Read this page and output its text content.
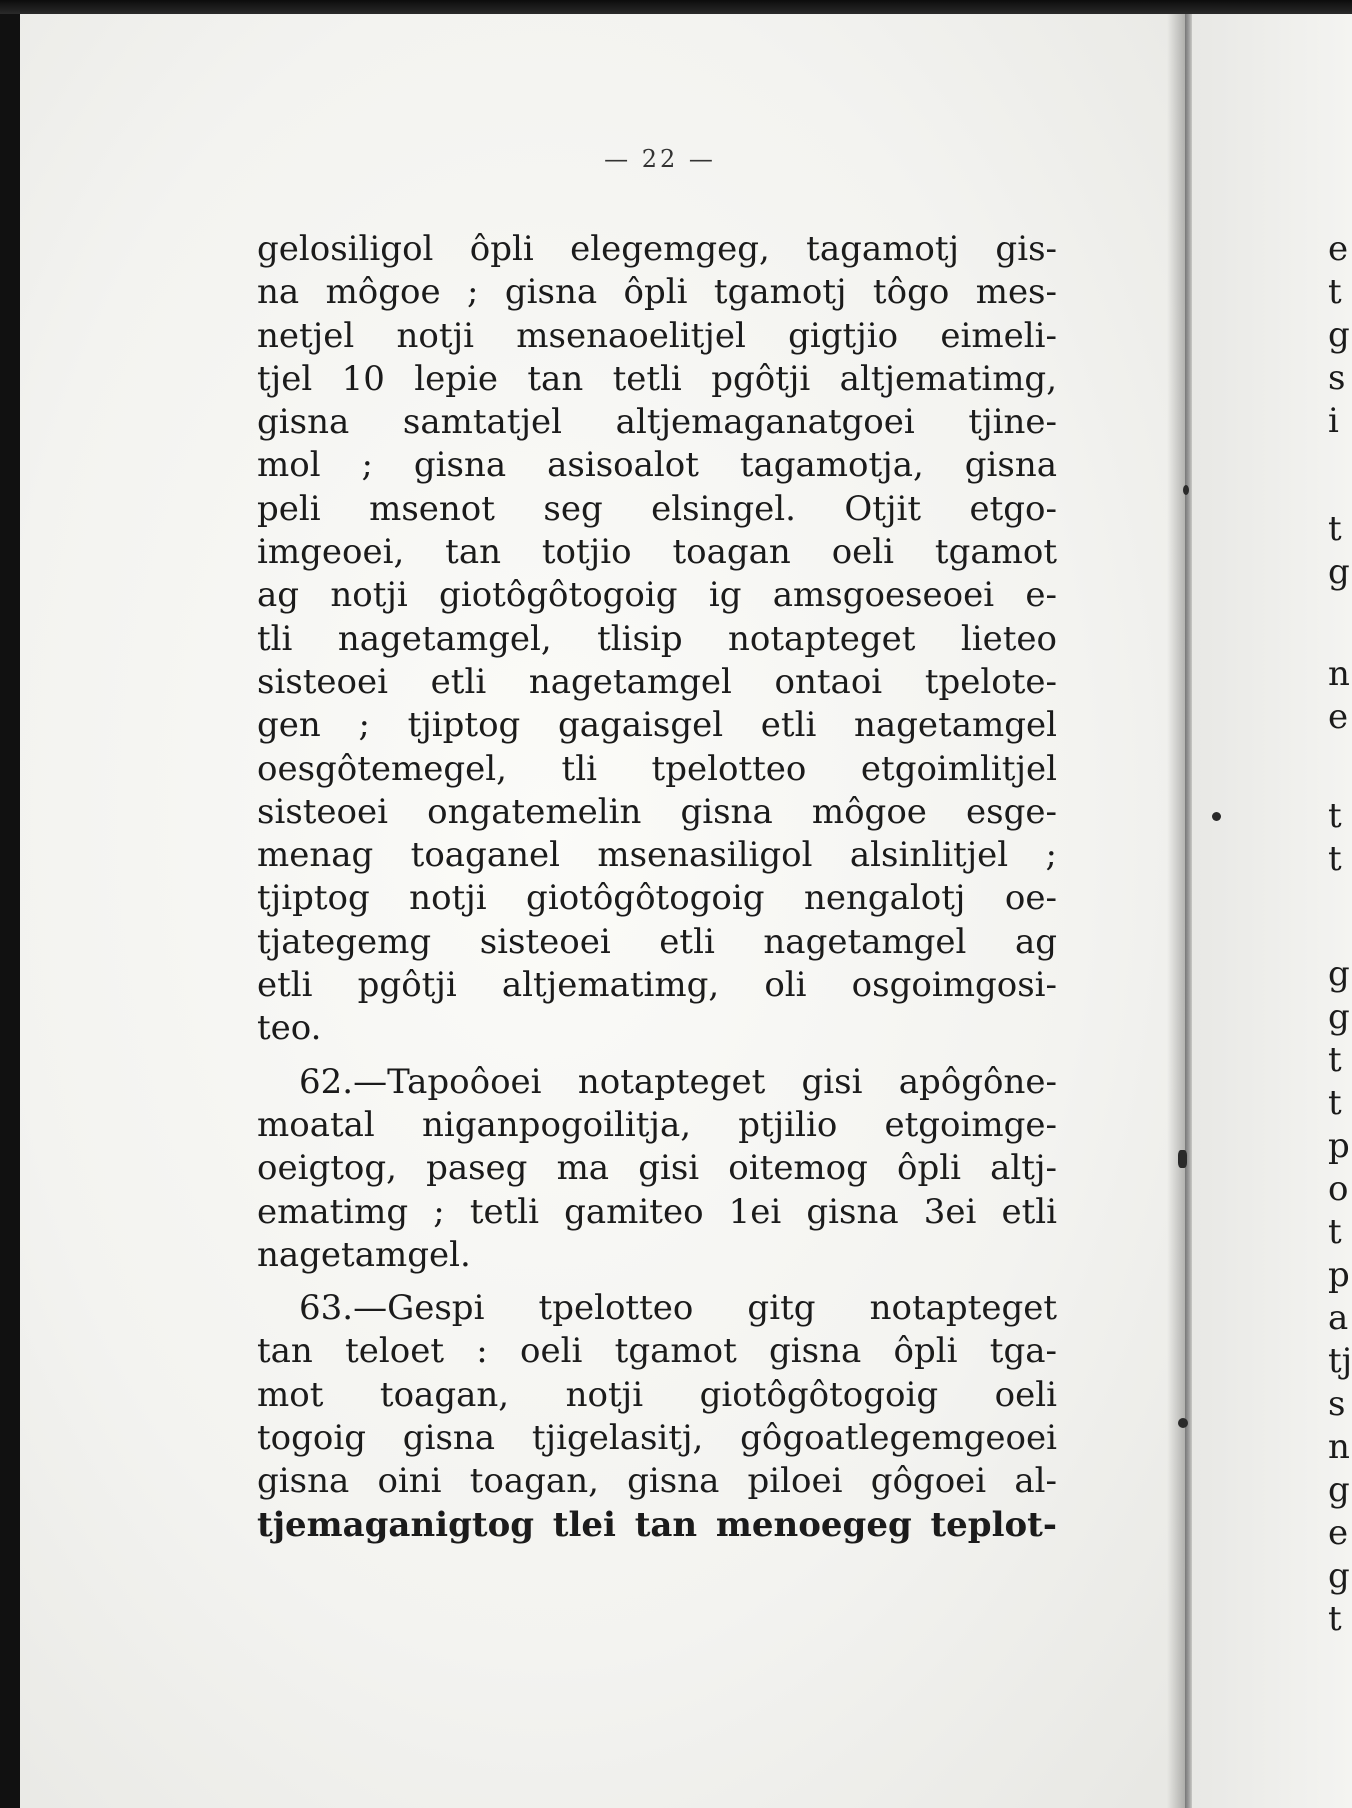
— 22 —
gelosiligol ôpli elegemgeg, tagamotj gis-
na môgoe ; gisna ôpli tgamotj tôgo mes-
netjel notji msenaoelitjel gigtjio eimeli-
tjel 10 lepie tan tetli pgôtji altjematimg,
gisna samtatjel altjemaganatgoei tjine-
mol ; gisna asisoalot tagamotja, gisna
peli msenot seg elsingel. Otjit etgo-
imgeoei, tan totjio toagan oeli tgamot
ag notji giotôgôtogoig ig amsgoeseoei e-
tli nagetamgel, tlisip notapteget lieteo
sisteoei etli nagetamgel ontaoi tpelote-
gen ; tjiptog gagaisgel etli nagetamgel
oesgôtemegel, tli tpelotteo etgoimlitjel
sisteoei ongatemelin gisna môgoe esge-
menag toaganel msenasiligol alsinlitjel ;
tjiptog notji giotôgôtogoig nengalotj oe-
tjategemg sisteoei etli nagetamgel ag
etli pgôtji altjematimg, oli osgoimgosi-
teo.
62.—Tapoôoei notapteget gisi apôgône-
moatal niganpogoilitja, ptjilio etgoimge-
oeigtog, paseg ma gisi oitemog ôpli altj-
ematimg ; tetli gamiteo 1ei gisna 3ei etli
nagetamgel.
63.—Gespi tpelotteo gitg notapteget
tan teloet : oeli tgamot gisna ôpli tga-
mot toagan, notji giotôgôtogoig oeli
togoig gisna tjigelasitj, gôgoatlegemgeoei
gisna oini toagan, gisna piloei gôgoei al-
tjemaganigtog tlei tan menoegeg teplot-
e
t
g
s
i
t
g
n
e
t
t
g
g
t
t
p
o
t
p
a
tj
s
n
g
e
g
t
